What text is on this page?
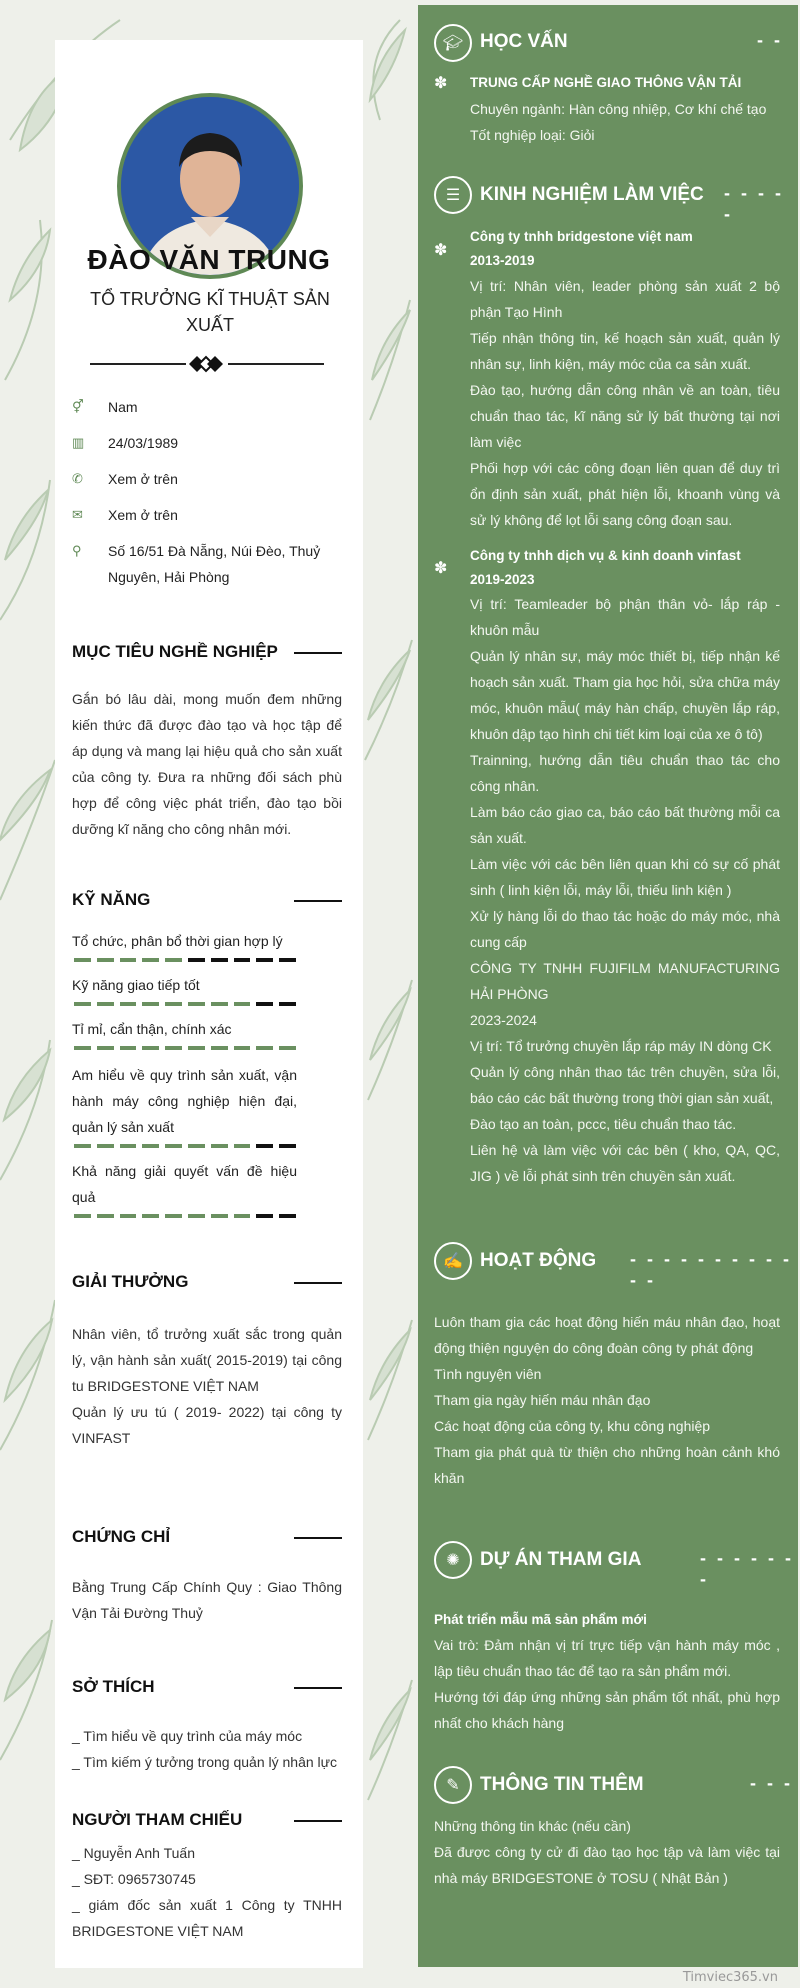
ĐÀO VĂN TRUNG
TỔ TRƯỞNG KĨ THUẬT SẢN XUẤT
⚥ Nam
▥ 24/03/1989
✆ Xem ở trên
✉ Xem ở trên
⚲	Số 16/51 Đà Nẵng, Núi Đèo, Thuỷ Nguyên, Hải Phòng
MỤC TIÊU NGHỀ NGHIỆP
Gắn bó lâu dài, mong muốn đem những kiến thức đã được đào tạo và học tập để áp dụng và mang lại hiệu quả cho sản xuất của công ty. Đưa ra những đối sách phù hợp để công việc phát triển, đào tạo bồi dưỡng kĩ năng cho công nhân mới.
KỸ NĂNG
Tổ chức, phân bổ thời gian hợp lý
Kỹ năng giao tiếp tốt
Tỉ mỉ, cẩn thận, chính xác
Am hiểu về quy trình sản xuất, vận hành máy công nghiệp hiện đại, quản lý sản xuất
Khả năng giải quyết vấn đề hiệu quả
GIẢI THƯỞNG
Nhân viên, tổ trưởng xuất sắc trong quản lý, vận hành sản xuất( 2015-2019) tại công tu BRIDGESTONE VIỆT NAM
Quản lý ưu tú ( 2019- 2022) tại công ty VINFAST
CHỨNG CHỈ
Bằng Trung Cấp Chính Quy : Giao Thông Vận Tải Đường Thuỷ
SỞ THÍCH
_ Tìm hiểu về quy trình của máy móc
_ Tìm kiếm ý tưởng trong quản lý nhân lực
NGƯỜI THAM CHIẾU
_ Nguyễn Anh Tuấn
_ SĐT: 0965730745
_ giám đốc sản xuất 1 Công ty TNHH BRIDGESTONE VIỆT NAM
🎓︎ HỌC VẤN	- -
✽ TRUNG CẤP NGHỀ GIAO THÔNG VẬN TẢI
Chuyên ngành: Hàn công nhiệp, Cơ khí chế tạo
Tốt nghiệp loại: Giỏi
☰	KINH NGHIỆM LÀM VIỆC - - - - -
✽
Công ty tnhh bridgestone việt nam
2013-2019
Vị trí: Nhân viên, leader phòng sản xuất 2 bộ phận Tạo Hình
Tiếp nhận thông tin, kế hoạch sản xuất, quản lý nhân sự, linh kiện, máy móc của ca sản xuất.
Đào tạo, hướng dẫn công nhân về an toàn, tiêu chuẩn thao tác, kĩ năng sử lý bất thường tại nơi làm việc
Phối hợp với các công đoạn liên quan để duy trì ổn định sản xuất, phát hiện lỗi, khoanh vùng và sử lý không để lọt lỗi sang công đoạn sau.
✽
Công ty tnhh dịch vụ & kinh doanh vinfast
2019-2023
Vị trí: Teamleader bộ phận thân vỏ- lắp ráp - khuôn mẫu
Quản lý nhân sự, máy móc thiết bị, tiếp nhận kế hoạch sản xuất. Tham gia học hỏi, sửa chữa máy móc, khuôn mẫu( máy hàn chấp, chuyền lắp ráp, khuôn dập tạo hình chi tiết kim loại của xe ô tô)
Trainning, hướng dẫn tiêu chuẩn thao tác cho công nhân.
Làm báo cáo giao ca, báo cáo bất thường mỗi ca sản xuất.
Làm việc với các bên liên quan khi có sự cố phát sinh ( linh kiện lỗi, máy lỗi, thiếu linh kiện )
Xử lý hàng lỗi do thao tác hoặc do máy móc, nhà cung cấp
CÔNG TY TNHH FUJIFILM MANUFACTURING HẢI PHÒNG
2023-2024
Vị trí: Tổ trưởng chuyền lắp ráp máy IN dòng CK
Quản lý công nhân thao tác trên chuyền, sửa lỗi, báo cáo các bất thường trong thời gian sản xuất,
Đào tạo an toàn, pccc, tiêu chuẩn thao tác.
Liên hệ và làm việc với các bên ( kho, QA, QC, JIG ) về lỗi phát sinh trên chuyền sản xuất.
✍ HOẠT ĐỘNG - - - - - - - - - - - -
Luôn tham gia các hoạt động hiến máu nhân đạo, hoạt động thiện nguyện do công đoàn công ty phát động
Tình nguyện viên
Tham gia ngày hiến máu nhân đạo
Các hoạt động của công ty, khu công nghiệp
Tham gia phát quà từ thiện cho những hoàn cảnh khó khăn
✺	DỰ ÁN THAM GIA	- - - - - - -
Phát triển mẫu mã sản phẩm mới
Vai trò: Đảm nhận vị trí trực tiếp vận hành máy móc , lập tiêu chuẩn thao tác để tạo ra sản phẩm mới.
Hướng tới đáp ứng những sản phẩm tốt nhất, phù hợp nhất cho khách hàng
✎	THÔNG TIN THÊM	- - -
Những thông tin khác (nếu cần)
Đã được công ty cử đi đào tạo học tập và làm việc tại nhà máy BRIDGESTONE ở TOSU ( Nhật Bản )
Timviec365.vn
